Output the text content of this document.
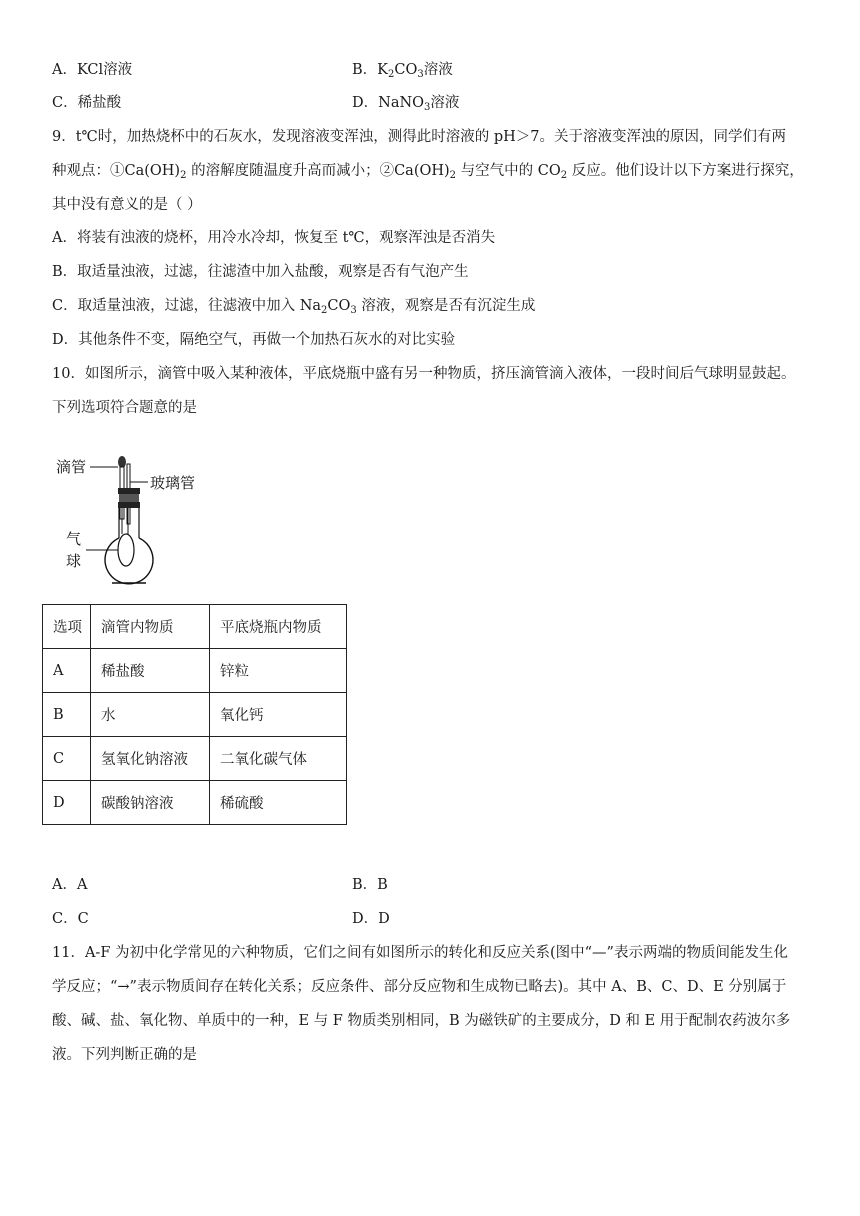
A．KCl溶液	B．$K_2CO_3$溶液
C．稀盐酸	D．NaNO$_3$溶液
9．t℃时，加热烧杯中的石灰水，发现溶液变浑浊，测得此时溶液的 pH＞7。关于溶液变浑浊的原因，同学们有两
种观点：$①Ca(OH)_2$ 的溶解度随温度升高而减小；$②Ca(OH)_2$ 与空气中的 $CO_2$ 反应。他们设计以下方案进行探究，
其中没有意义的是（ ）
A．将装有浊液的烧杯，用冷水冷却，恢复至 t℃，观察浑浊是否消失
B．取适量浊液，过滤，往滤渣中加入盐酸，观察是否有气泡产生
C．取适量浊液，过滤，往滤液中加入 $Na_2CO_3$ 溶液，观察是否有沉淀生成
D．其他条件不变，隔绝空气，再做一个加热石灰水的对比实验
10．如图所示，滴管中吸入某种液体，平底烧瓶中盛有另一种物质，挤压滴管滴入液体，一段时间后气球明显鼓起。
下列选项符合题意的是
滴管
玻璃管
气
球
选项	滴管内物质	平底烧瓶内物质
A	稀盐酸	锌粒
B	水	氧化钙
C	氢氧化钠溶液	二氧化碳气体
D	碳酸钠溶液	稀硫酸
A．A	B．B
C．C	D．D
11．A-F 为初中化学常见的六种物质，它们之间有如图所示的转化和反应关系(图中“—”表示两端的物质间能发生化
学反应；“→”表示物质间存在转化关系；反应条件、部分反应物和生成物已略去)。其中 A、B、C、D、E 分别属于
酸、碱、盐、氧化物、单质中的一种，E 与 F 物质类别相同，B 为磁铁矿的主要成分，D 和 E 用于配制农药波尔多
液。下列判断正确的是
